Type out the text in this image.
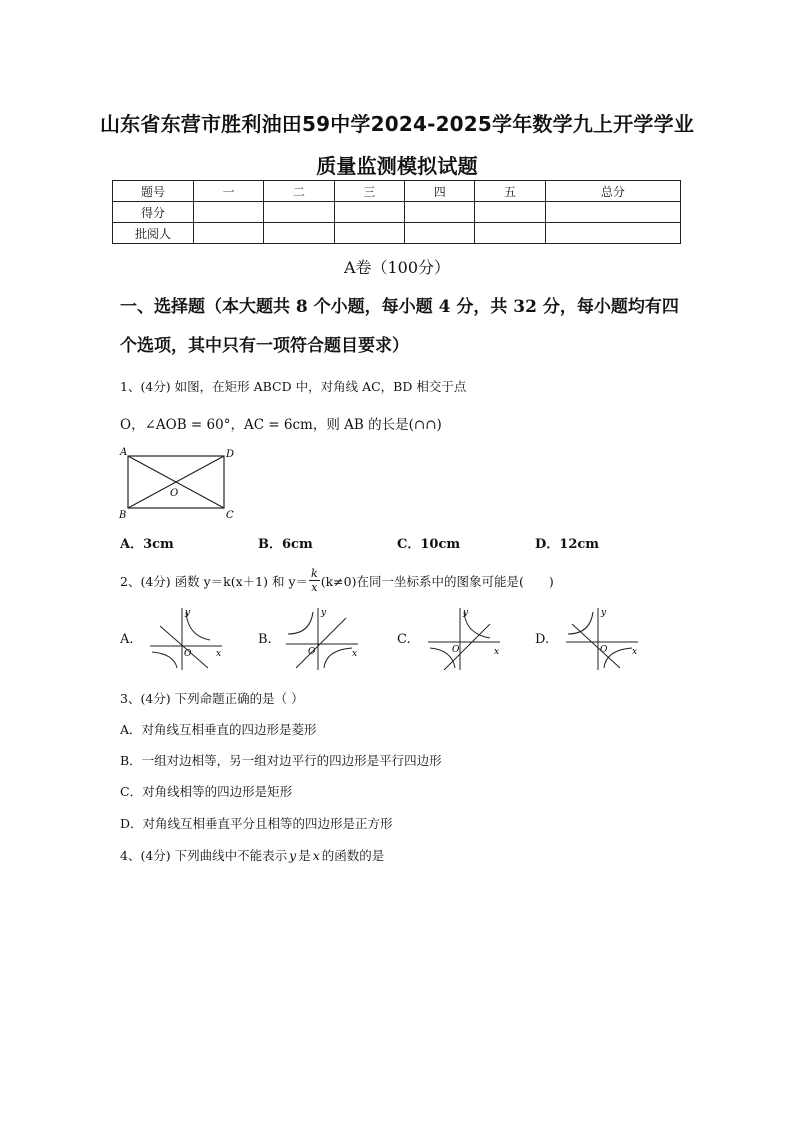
山东省东营市胜利油田59中学2024-2025学年数学九上开学学业
质量监测模拟试题
题号	一	二	三	四	五	总分
得分						
批阅人						
A卷（100分）
一、选择题（本大题共 8 个小题，每小题 4 分，共 32 分，每小题均有四个选项，其中只有一项符合题目要求）
1、(4分) 如图，在矩形 ABCD 中，对角线 AC，BD 相交于点
O，∠AOB = 60°，AC = 6cm，则 AB 的长是(∩∩)
A	D
B	C
O
A．3cm	B．6cm	C．10cm	D．12cm
2、(4分) 函数 y＝k(x＋1) 和 $y= \frac{k}{x} (k\ne 0)$在同一坐标系中的图象可能是(　　)
A.	B.	C.	D.
y
x
O
y
x
O
y
x
O
y
x
O
3、(4分) 下列命题正确的是（ ）
A．对角线互相垂直的四边形是菱形
B．一组对边相等，另一组对边平行的四边形是平行四边形
C．对角线相等的四边形是矩形
D．对角线互相垂直平分且相等的四边形是正方形
4、(4分) 下列曲线中不能表示 y 是 x 的函数的是
